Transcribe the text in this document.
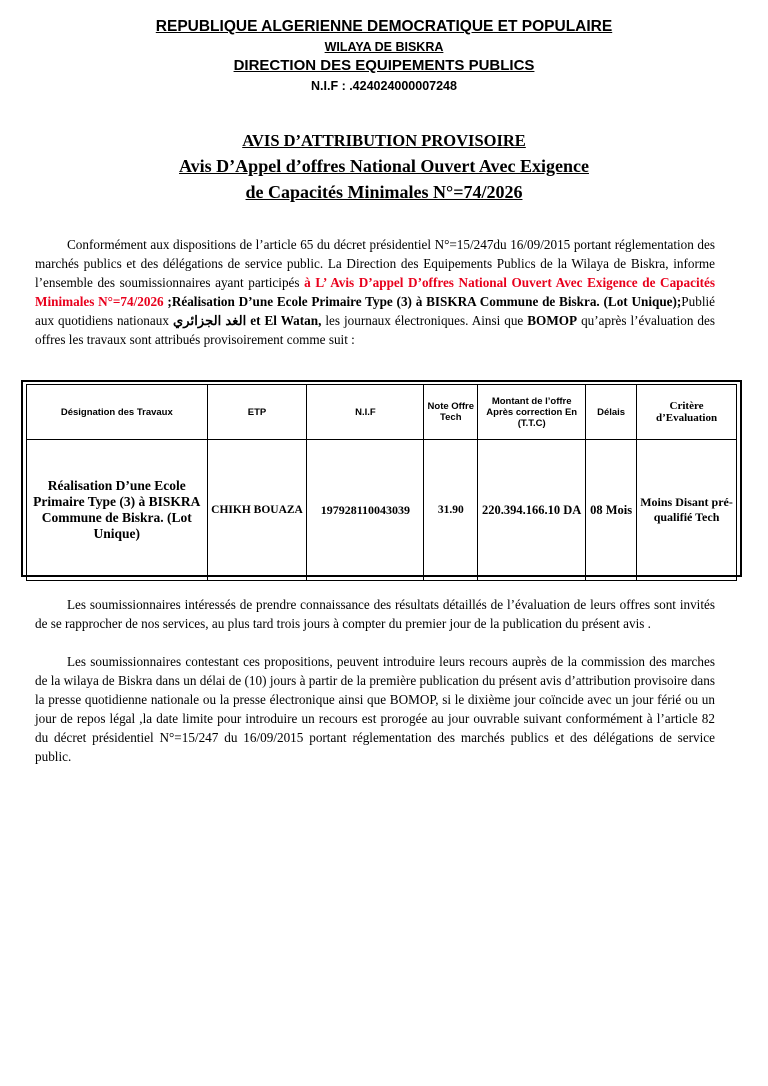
REPUBLIQUE ALGERIENNE DEMOCRATIQUE ET POPULAIRE
WILAYA DE BISKRA
DIRECTION DES EQUIPEMENTS PUBLICS
N.I.F : .424024000007248
AVIS D’ATTRIBUTION PROVISOIRE
Avis D’Appel d’offres National Ouvert Avec Exigence
de Capacités Minimales N°=74/2026
Conformément aux dispositions de l’article 65 du décret présidentiel N°=15/247du 16/09/2015 portant réglementation des marchés publics et des délégations de service public. La Direction des Equipements Publics de la Wilaya de Biskra, informe l’ensemble des soumissionnaires ayant participés à L’ Avis D’appel D’offres National Ouvert Avec Exigence de Capacités Minimales N°=74/2026 ;Réalisation D’une Ecole Primaire Type (3) à BISKRA Commune de Biskra. (Lot Unique);Publié aux quotidiens nationaux الغد الجزائري et El Watan, les journaux électroniques. Ainsi que BOMOP qu’après l’évaluation des offres les travaux sont attribués provisoirement comme suit :
Désignation des Travaux	ETP	N.I.F	Note Offre Tech	Montant de l’offre Après correction En (T.T.C)	Délais	Critère d’Evaluation
Réalisation D’une Ecole Primaire Type (3) à BISKRA Commune de Biskra. (Lot Unique)	CHIKH BOUAZA	197928110043039	31.90	220.394.166.10 DA	08 Mois	Moins Disant pré-qualifié Tech
Les soumissionnaires intéressés de prendre connaissance des résultats détaillés de l’évaluation de leurs offres sont invités de se rapprocher de nos services, au plus tard trois jours à compter du premier jour de la publication du présent avis .
Les soumissionnaires contestant ces propositions, peuvent introduire leurs recours auprès de la commission des marches de la wilaya de Biskra dans un délai de (10) jours à partir de la première publication du présent avis d’attribution provisoire dans la presse quotidienne nationale ou la presse électronique ainsi que BOMOP, si le dixième jour coïncide avec un jour férié ou un jour de repos légal ,la date limite pour introduire un recours est prorogée au jour ouvrable suivant conformément à l’article 82 du décret présidentiel N°=15/247 du 16/09/2015 portant réglementation des marchés publics et des délégations de service public.
